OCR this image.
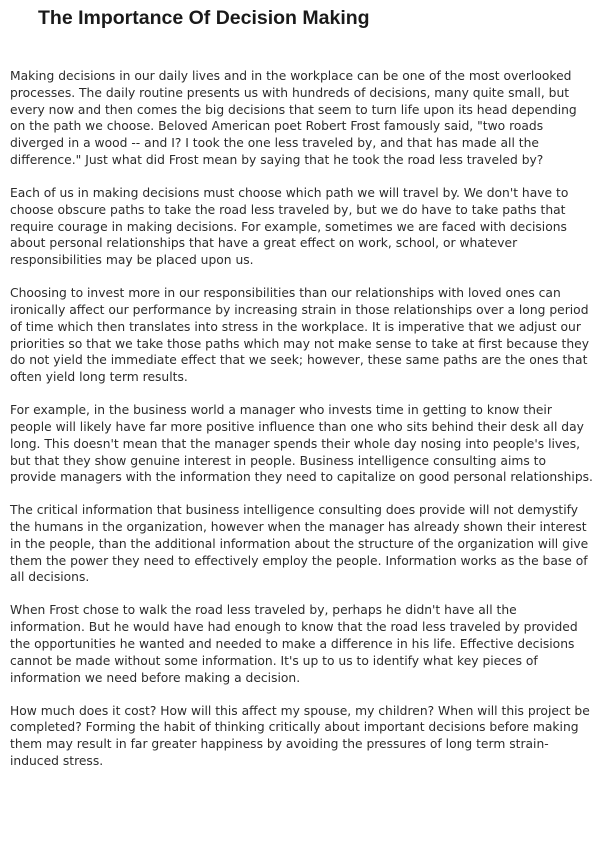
The Importance Of Decision Making

Making decisions in our daily lives and in the workplace can be one of the most overlooked processes. The daily routine presents us with hundreds of decisions, many quite small, but every now and then comes the big decisions that seem to turn life upon its head depending on the path we choose. Beloved American poet Robert Frost famously said, "two roads diverged in a wood -- and I? I took the one less traveled by, and that has made all the difference." Just what did Frost mean by saying that he took the road less traveled by?

Each of us in making decisions must choose which path we will travel by. We don't have to choose obscure paths to take the road less traveled by, but we do have to take paths that require courage in making decisions. For example, sometimes we are faced with decisions about personal relationships that have a great effect on work, school, or whatever responsibilities may be placed upon us.

Choosing to invest more in our responsibilities than our relationships with loved ones can ironically affect our performance by increasing strain in those relationships over a long period of time which then translates into stress in the workplace. It is imperative that we adjust our priorities so that we take those paths which may not make sense to take at first because they do not yield the immediate effect that we seek; however, these same paths are the ones that often yield long term results.

For example, in the business world a manager who invests time in getting to know their people will likely have far more positive influence than one who sits behind their desk all day long. This doesn't mean that the manager spends their whole day nosing into people's lives, but that they show genuine interest in people. Business intelligence consulting aims to provide managers with the information they need to capitalize on good personal relationships.

The critical information that business intelligence consulting does provide will not demystify the humans in the organization, however when the manager has already shown their interest in the people, than the additional information about the structure of the organization will give them the power they need to effectively employ the people. Information works as the base of all decisions.

When Frost chose to walk the road less traveled by, perhaps he didn't have all the information. But he would have had enough to know that the road less traveled by provided the opportunities he wanted and needed to make a difference in his life. Effective decisions cannot be made without some information. It's up to us to identify what key pieces of information we need before making a decision.

How much does it cost? How will this affect my spouse, my children? When will this project be completed? Forming the habit of thinking critically about important decisions before making them may result in far greater happiness by avoiding the pressures of long term strain-induced stress.
